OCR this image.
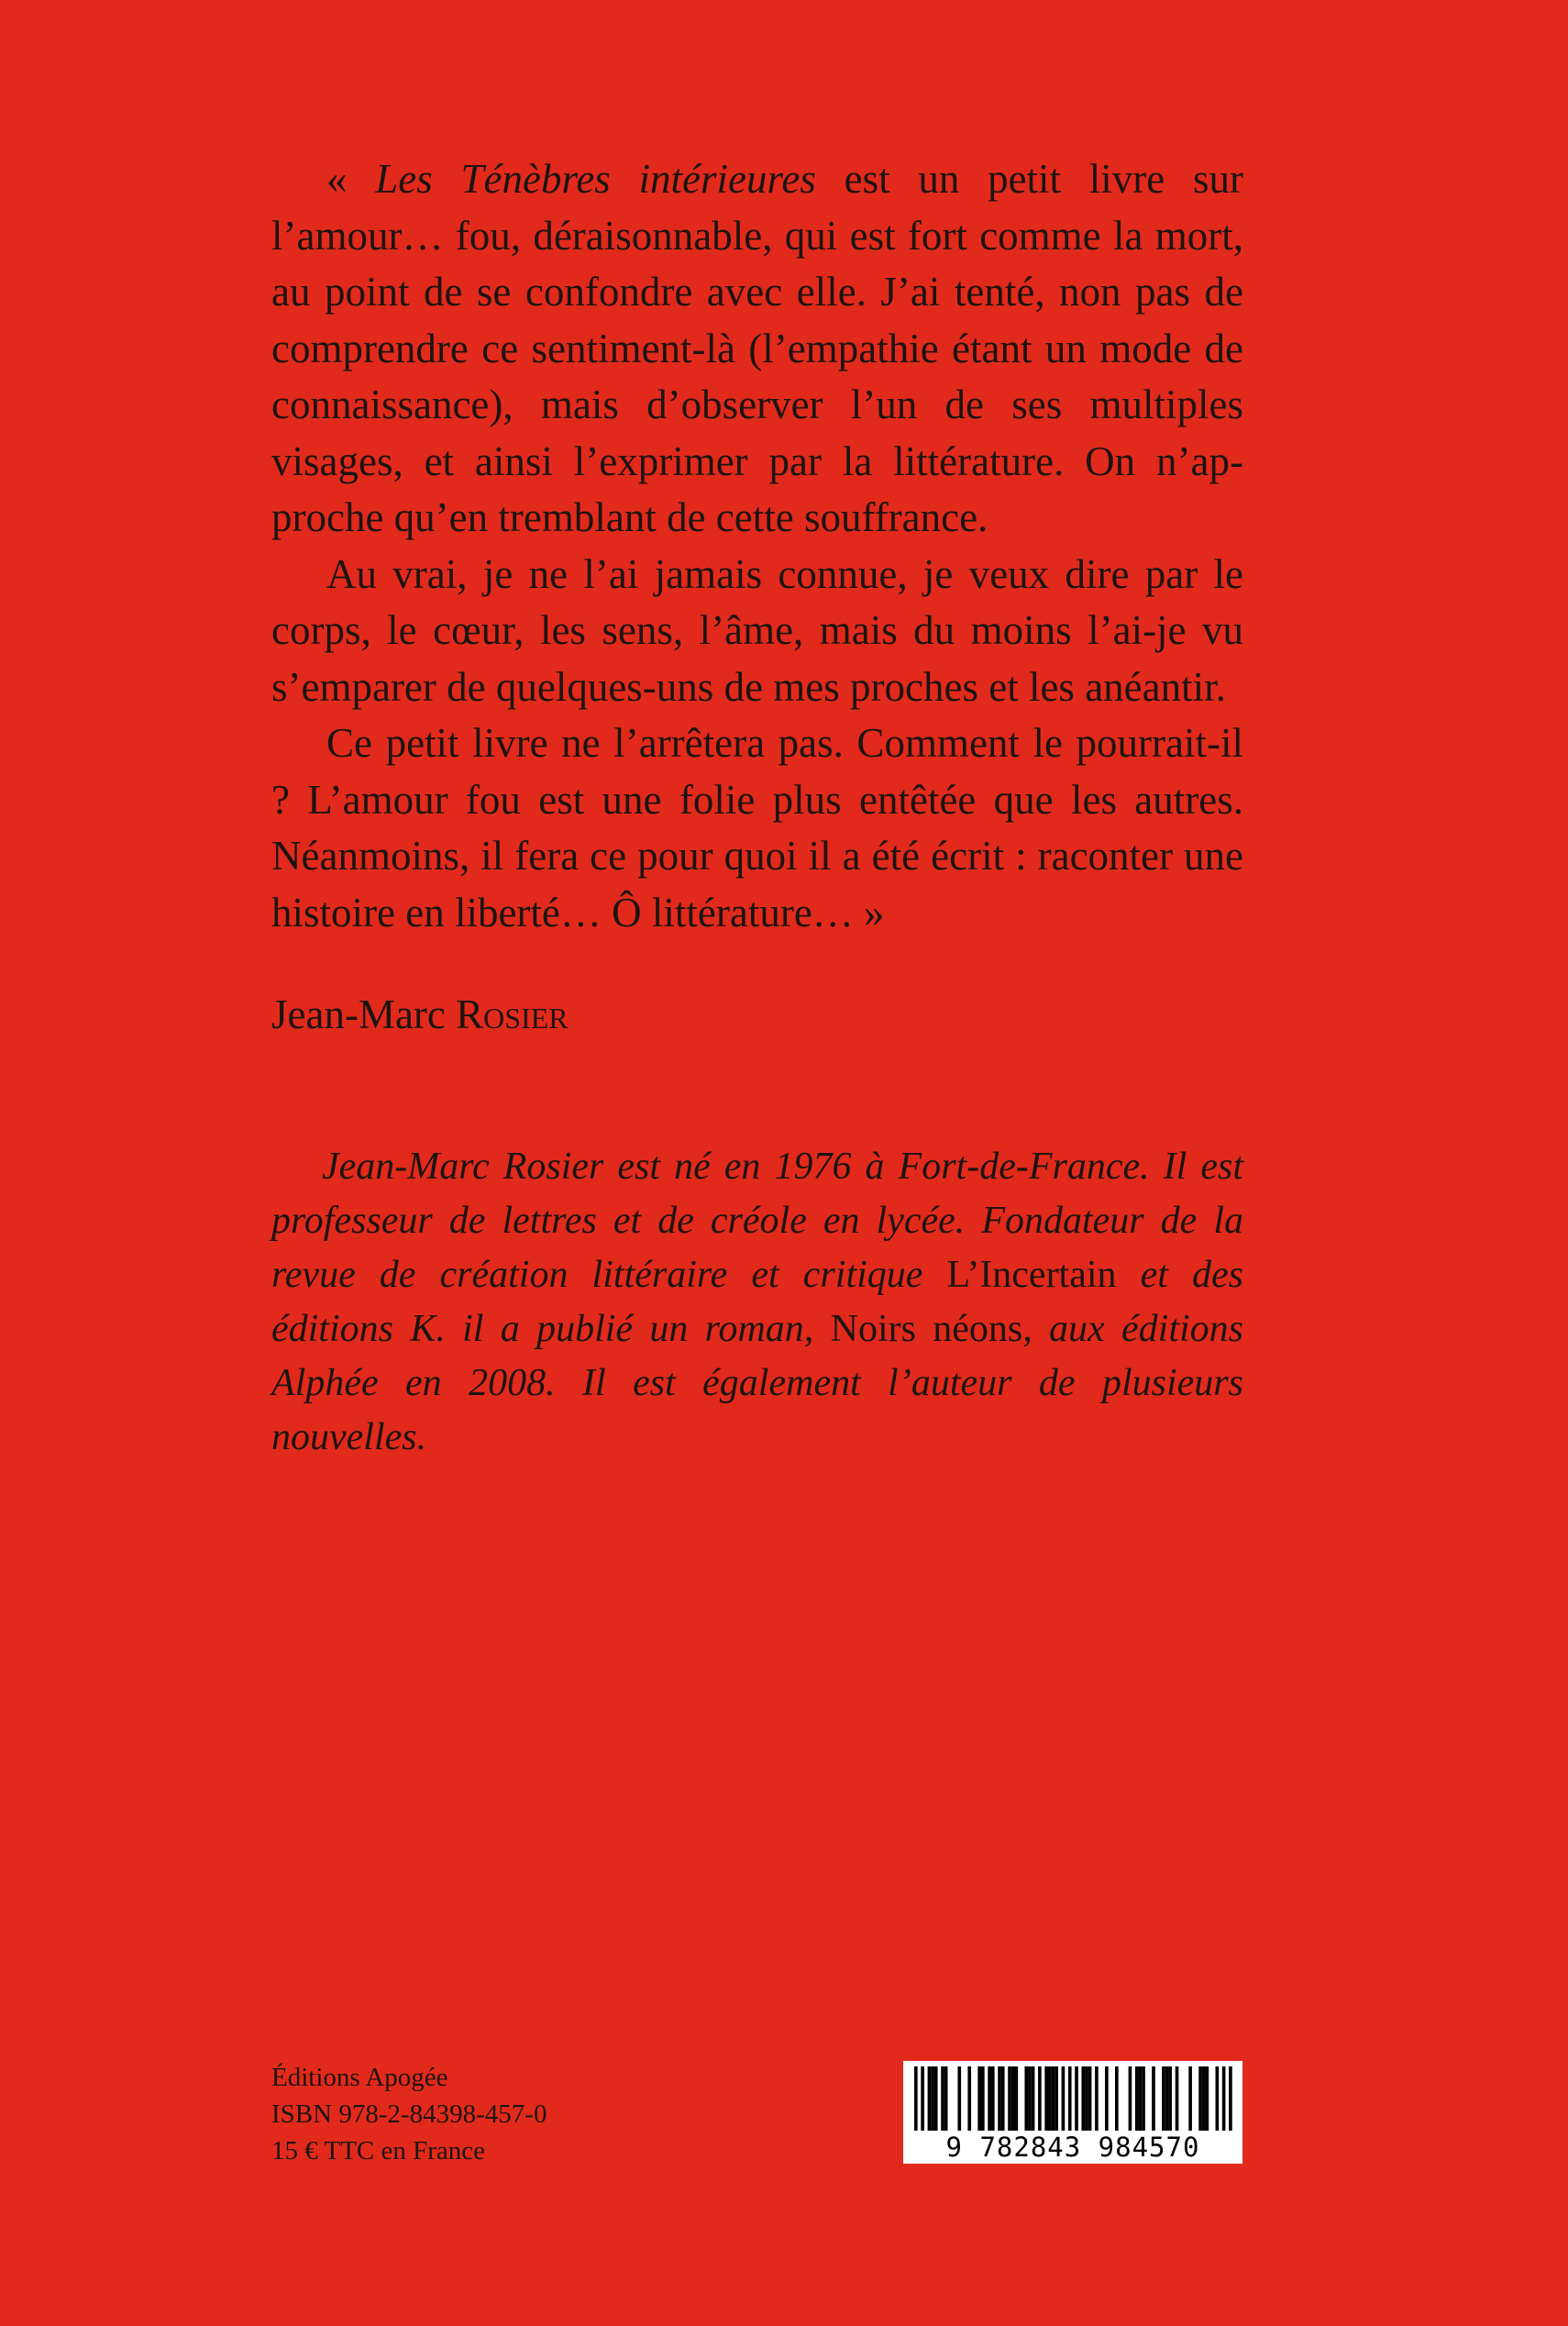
« Les Ténèbres intérieures est un petit livre sur l’amour… fou, déraisonnable, qui est fort comme la mort, au point de se confondre avec elle. J’ai tenté, non pas de comprendre ce sentiment-là (l’empathie étant un mode de connaissance), mais d’observer l’un de ses multiples visages, et ainsi l’exprimer par la littérature. On n’approche qu’en tremblant de cette souffrance.

Au vrai, je ne l’ai jamais connue, je veux dire par le corps, le cœur, les sens, l’âme, mais du moins l’ai-je vu s’emparer de quelques-uns de mes proches et les anéantir.

Ce petit livre ne l’arrêtera pas. Comment le pourrait-il ? L’amour fou est une folie plus entêtée que les autres. Néanmoins, il fera ce pour quoi il a été écrit : raconter une histoire en liberté… Ô littérature… »

Jean-Marc Rosier

Jean-Marc Rosier est né en 1976 à Fort-de-France. Il est professeur de lettres et de créole en lycée. Fondateur de la revue de création littéraire et critique L’Incertain et des éditions K. il a publié un roman, Noirs néons, aux éditions Alphée en 2008. Il est également l’auteur de plusieurs nouvelles.

Éditions Apogée
ISBN 978-2-84398-457-0
15 € TTC en France	9 782843 984570
